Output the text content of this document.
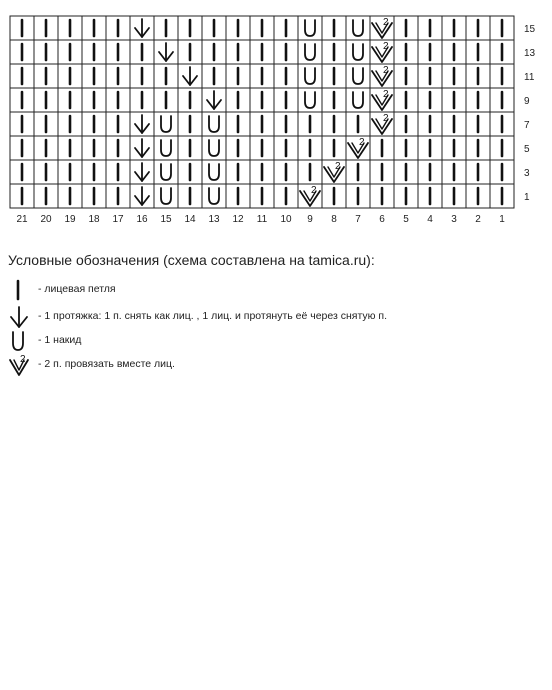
2
2
2
2
2
2
2
2
21 20 19 18 17 16 15 14 13 12 11 10 9 8 7 6 5 4 3 2 1
15
13
11
9
7
5
3
1
Условные обозначения (схема составлена на tamica.ru):
- лицевая петля
- 1 протяжка: 1 п. снять как лиц. , 1 лиц. и протянуть её через снятую п.
- 1 накид
2 - 2 п. провязать вместе лиц.
